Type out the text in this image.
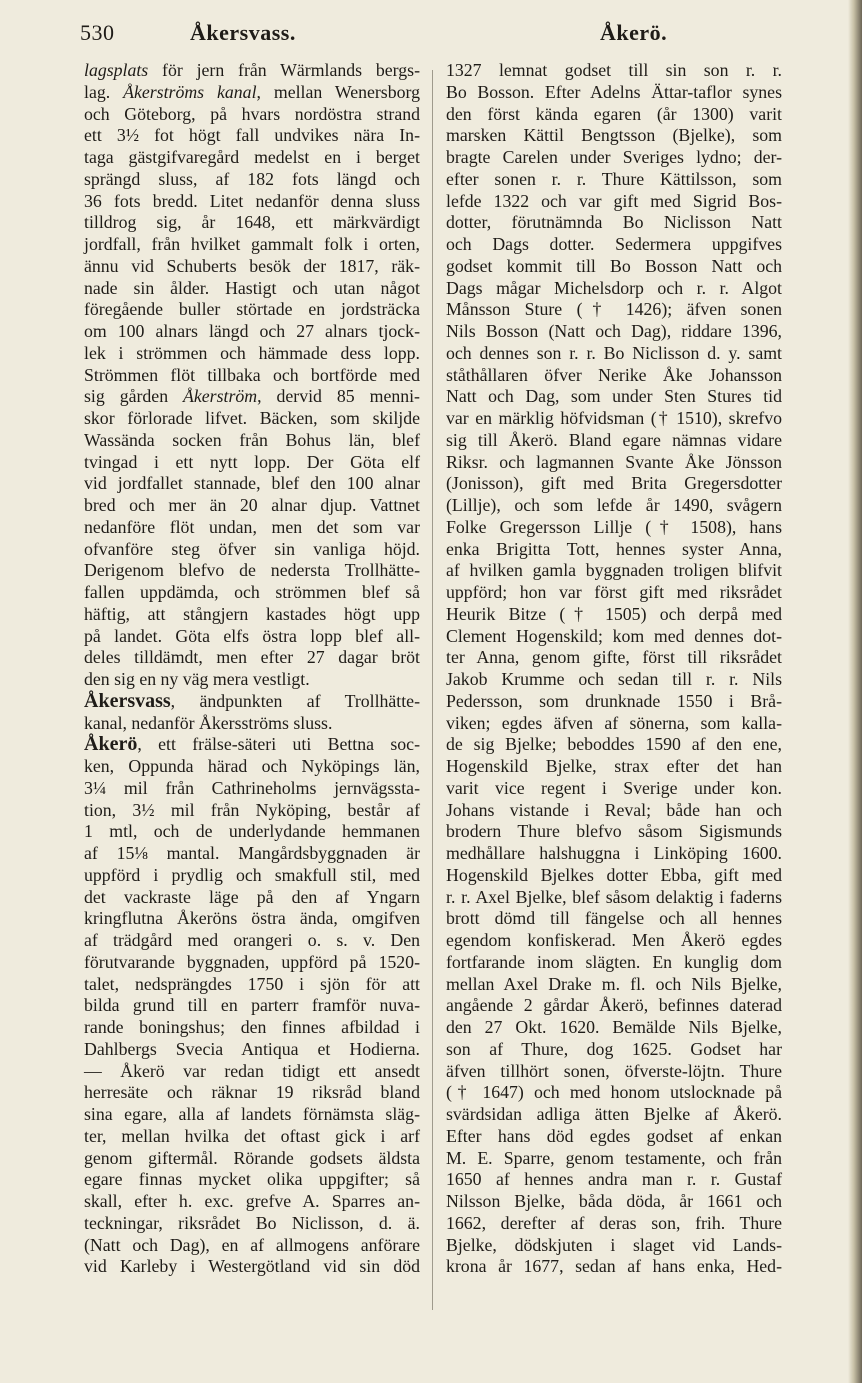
530	Åkersvass.	Åkerö.
lagsplats för jern från Wärmlands bergs-
lag. Åkerströms kanal, mellan Wenersborg
och Göteborg, på hvars nordöstra strand
ett 3½ fot högt fall undvikes nära In-
taga gästgifvaregård medelst en i berget
sprängd sluss, af 182 fots längd och
36 fots bredd. Litet nedanför denna sluss
tilldrog sig, år 1648, ett märkvärdigt
jordfall, från hvilket gammalt folk i orten,
ännu vid Schuberts besök der 1817, räk-
nade sin ålder. Hastigt och utan något
föregående buller störtade en jordsträcka
om 100 alnars längd och 27 alnars tjock-
lek i strömmen och hämmade dess lopp.
Strömmen flöt tillbaka och bortförde med
sig gården Åkerström, dervid 85 menni-
skor förlorade lifvet. Bäcken, som skiljde
Wassända socken från Bohus län, blef
tvingad i ett nytt lopp. Der Göta elf
vid jordfallet stannade, blef den 100 alnar
bred och mer än 20 alnar djup. Vattnet
nedanföre flöt undan, men det som var
ofvanföre steg öfver sin vanliga höjd.
Derigenom blefvo de nedersta Trollhätte-
fallen uppdämda, och strömmen blef så
häftig, att stångjern kastades högt upp
på landet. Göta elfs östra lopp blef all-
deles tilldämdt, men efter 27 dagar bröt
den sig en ny väg mera vestligt.
Åkersvass, ändpunkten af Trollhätte-
kanal, nedanför Åkersströms sluss.
Åkerö, ett frälse-säteri uti Bettna soc-
ken, Oppunda härad och Nyköpings län,
3¼ mil från Cathrineholms jernvägssta-
tion, 3½ mil från Nyköping, består af
1 mtl, och de underlydande hemmanen
af 15⅛ mantal. Mangårdsbyggnaden är
uppförd i prydlig och smakfull stil, med
det vackraste läge på den af Yngarn
kringflutna Åkeröns östra ända, omgifven
af trädgård med orangeri o. s. v. Den
förutvarande byggnaden, uppförd på 1520-
talet, nedsprängdes 1750 i sjön för att
bilda grund till en parterr framför nuva-
rande boningshus; den finnes afbildad i
Dahlbergs Svecia Antiqua et Hodierna.
— Åkerö var redan tidigt ett ansedt
herresäte och räknar 19 riksråd bland
sina egare, alla af landets förnämsta släg-
ter, mellan hvilka det oftast gick i arf
genom giftermål. Rörande godsets äldsta
egare finnas mycket olika uppgifter; så
skall, efter h. exc. grefve A. Sparres an-
teckningar, riksrådet Bo Niclisson, d. ä.
(Natt och Dag), en af allmogens anförare
vid Karleby i Westergötland vid sin död
1327 lemnat godset till sin son r. r.
Bo Bosson. Efter Adelns Ättar-taflor synes
den först kända egaren (år 1300) varit
marsken Kättil Bengtsson (Bjelke), som
bragte Carelen under Sveriges lydno; der-
efter sonen r. r. Thure Kättilsson, som
lefde 1322 och var gift med Sigrid Bos-
dotter, förutnämnda Bo Niclisson Natt
och Dags dotter. Sedermera uppgifves
godset kommit till Bo Bosson Natt och
Dags mågar Michelsdorp och r. r. Algot
Månsson Sture († 1426); äfven sonen
Nils Bosson (Natt och Dag), riddare 1396,
och dennes son r. r. Bo Niclisson d. y. samt
ståthållaren öfver Nerike Åke Johansson
Natt och Dag, som under Sten Stures tid
var en märklig höfvidsman († 1510), skrefvo
sig till Åkerö. Bland egare nämnas vidare
Riksr. och lagmannen Svante Åke Jönsson
(Jonisson), gift med Brita Gregersdotter
(Lillje), och som lefde år 1490, svågern
Folke Gregersson Lillje († 1508), hans
enka Brigitta Tott, hennes syster Anna,
af hvilken gamla byggnaden troligen blifvit
uppförd; hon var först gift med riksrådet
Heurik Bitze († 1505) och derpå med
Clement Hogenskild; kom med dennes dot-
ter Anna, genom gifte, först till riksrådet
Jakob Krumme och sedan till r. r. Nils
Pedersson, som drunknade 1550 i Brå-
viken; egdes äfven af sönerna, som kalla-
de sig Bjelke; beboddes 1590 af den ene,
Hogenskild Bjelke, strax efter det han
varit vice regent i Sverige under kon.
Johans vistande i Reval; både han och
brodern Thure blefvo såsom Sigismunds
medhållare halshuggna i Linköping 1600.
Hogenskild Bjelkes dotter Ebba, gift med
r. r. Axel Bjelke, blef såsom delaktig i faderns
brott dömd till fängelse och all hennes
egendom konfiskerad. Men Åkerö egdes
fortfarande inom slägten. En kunglig dom
mellan Axel Drake m. fl. och Nils Bjelke,
angående 2 gårdar Åkerö, befinnes daterad
den 27 Okt. 1620. Bemälde Nils Bjelke,
son af Thure, dog 1625. Godset har
äfven tillhört sonen, öfverste-löjtn. Thure
(† 1647) och med honom utslocknade på
svärdsidan adliga ätten Bjelke af Åkerö.
Efter hans död egdes godset af enkan
M. E. Sparre, genom testamente, och från
1650 af hennes andra man r. r. Gustaf
Nilsson Bjelke, båda döda, år 1661 och
1662, derefter af deras son, frih. Thure
Bjelke, dödskjuten i slaget vid Lands-
krona år 1677, sedan af hans enka, Hed-
